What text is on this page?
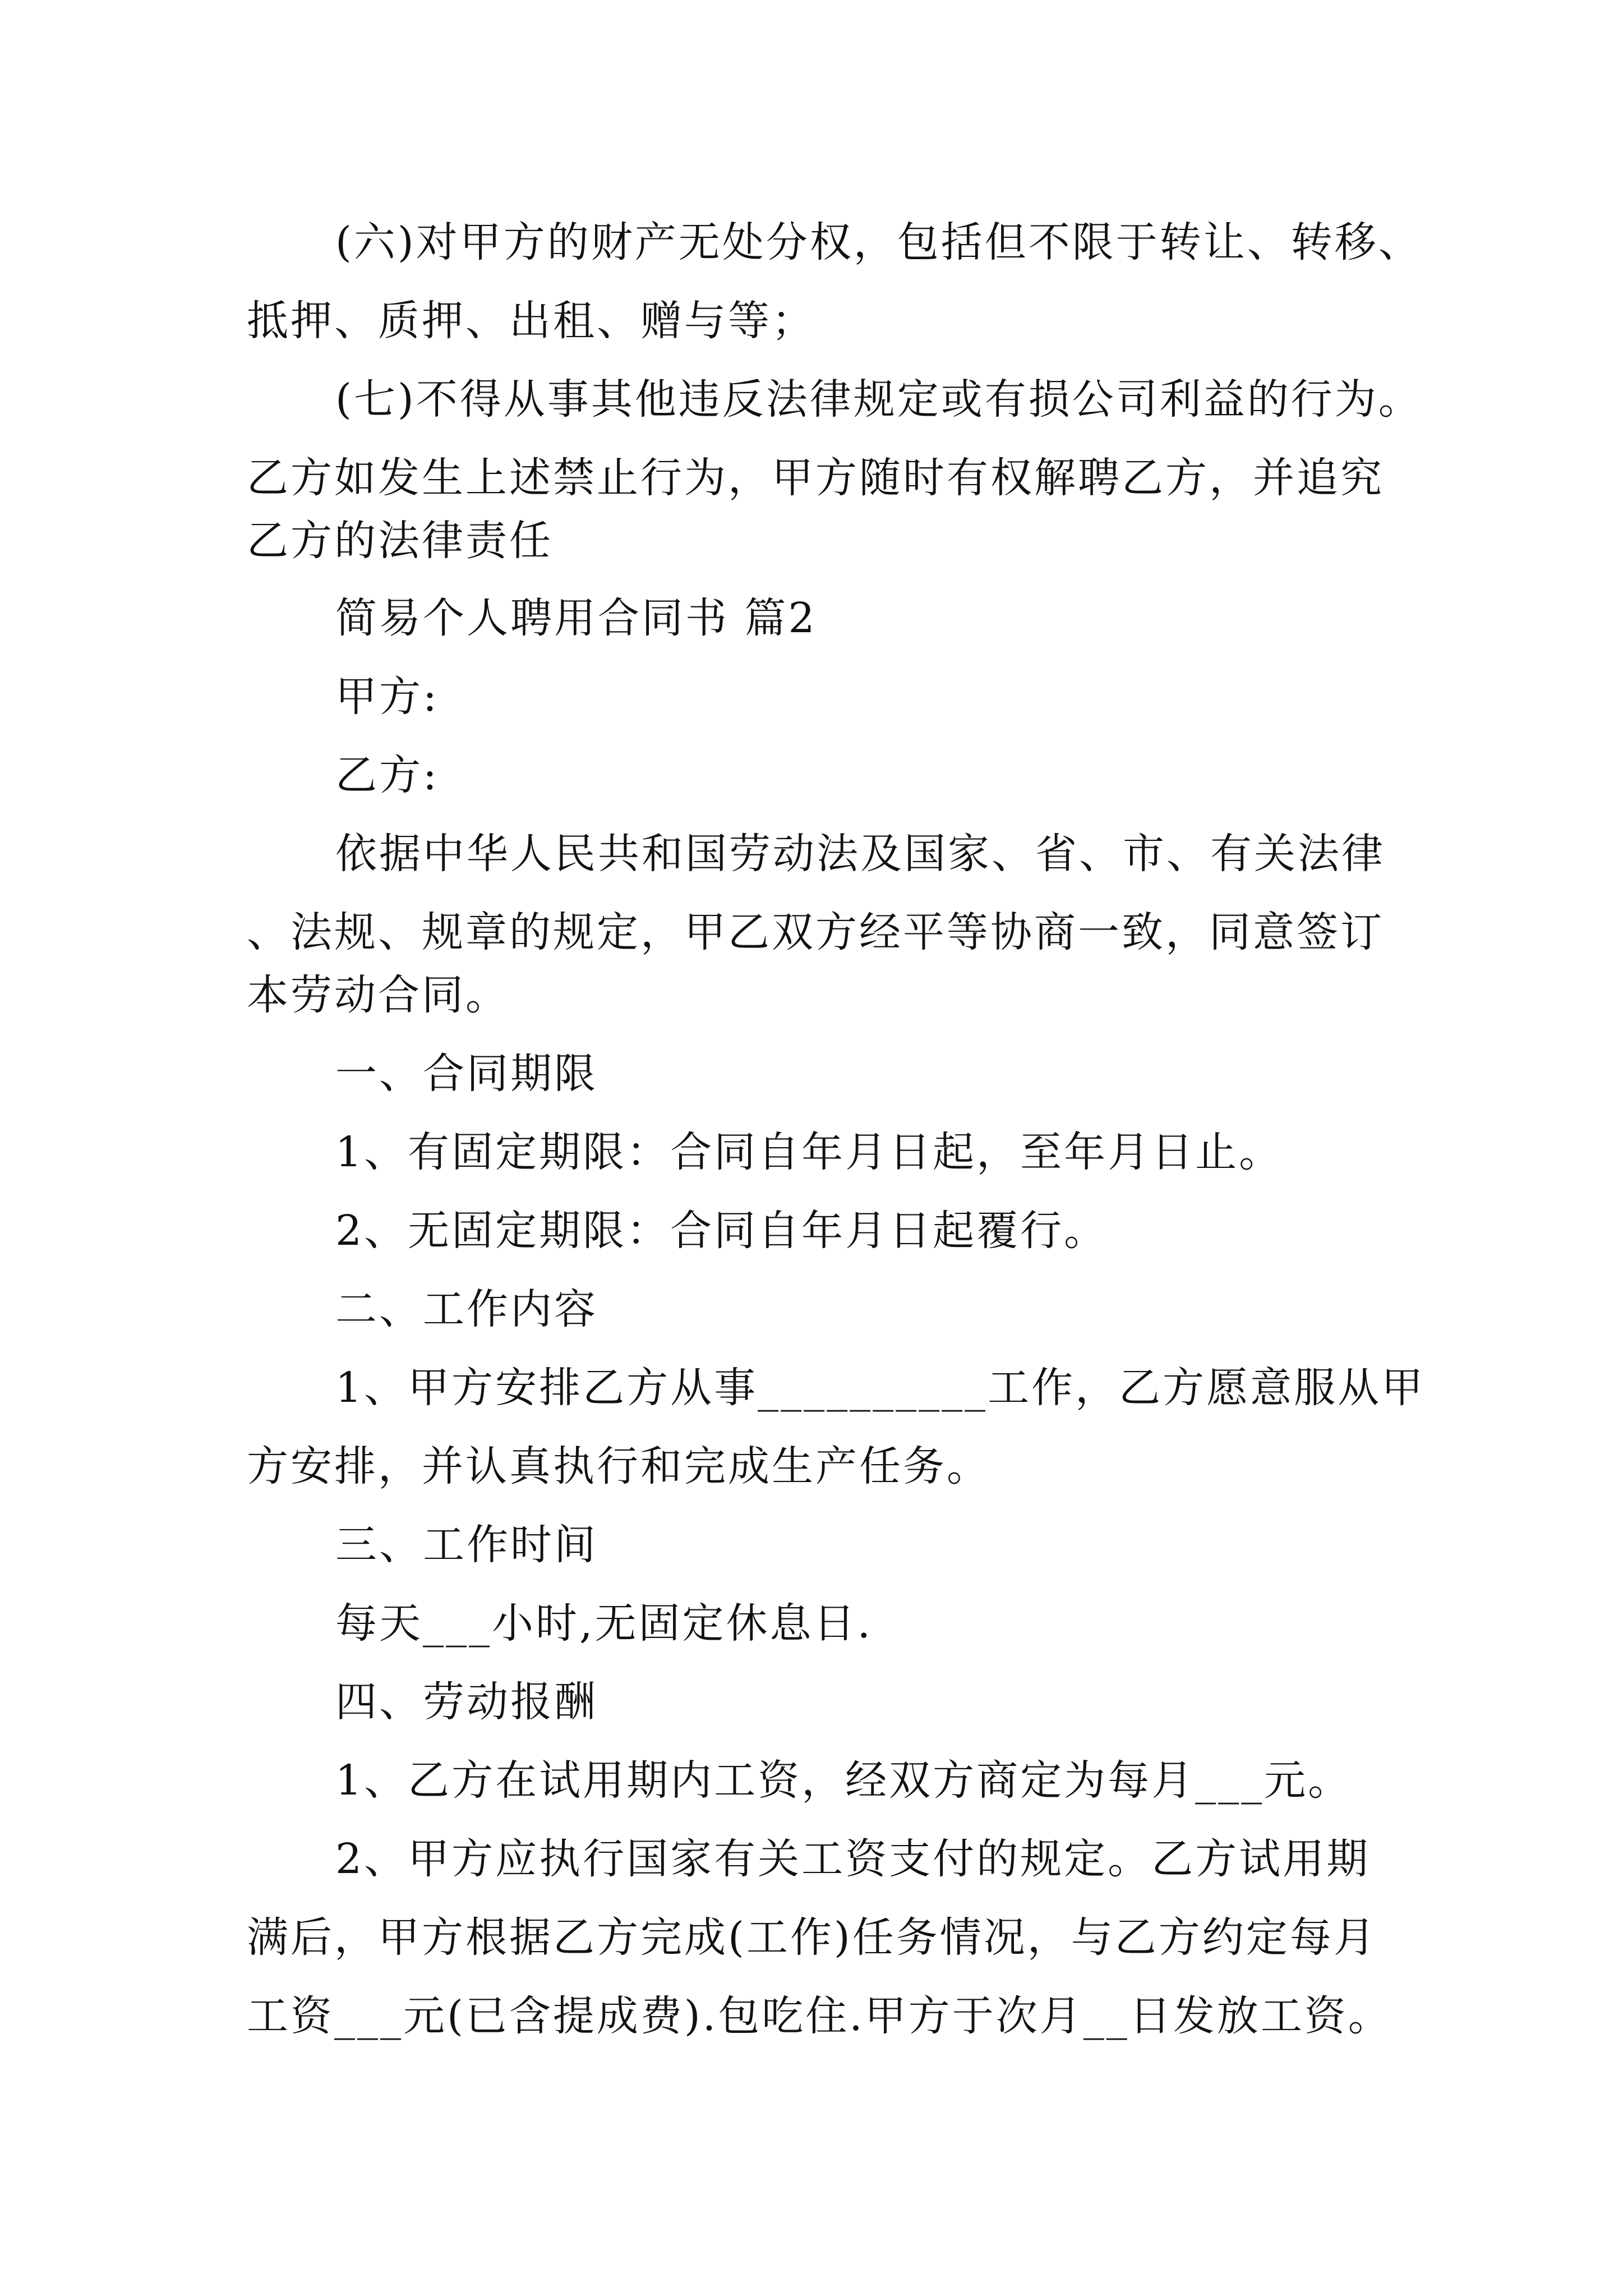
(六)对甲方的财产无处分权，包括但不限于转让、转移、
抵押、质押、出租、赠与等；
(七)不得从事其他违反法律规定或有损公司利益的行为。
乙方如发生上述禁止行为，甲方随时有权解聘乙方，并追究
乙方的法律责任
简易个人聘用合同书 篇2
甲方:
乙方:
依据中华人民共和国劳动法及国家、省、市、有关法律
、法规、规章的规定，甲乙双方经平等协商一致，同意签订
本劳动合同。
一、合同期限
1、有固定期限：合同自年月日起，至年月日止。
2、无固定期限：合同自年月日起覆行。
二、工作内容
1、甲方安排乙方从事__________工作，乙方愿意服从甲
方安排，并认真执行和完成生产任务。
三、工作时间
每天___小时,无固定休息日.
四、劳动报酬
1、乙方在试用期内工资，经双方商定为每月___元。
2、甲方应执行国家有关工资支付的规定。乙方试用期
满后，甲方根据乙方完成(工作)任务情况，与乙方约定每月
工资___元(已含提成费).包吃住.甲方于次月__日发放工资。
